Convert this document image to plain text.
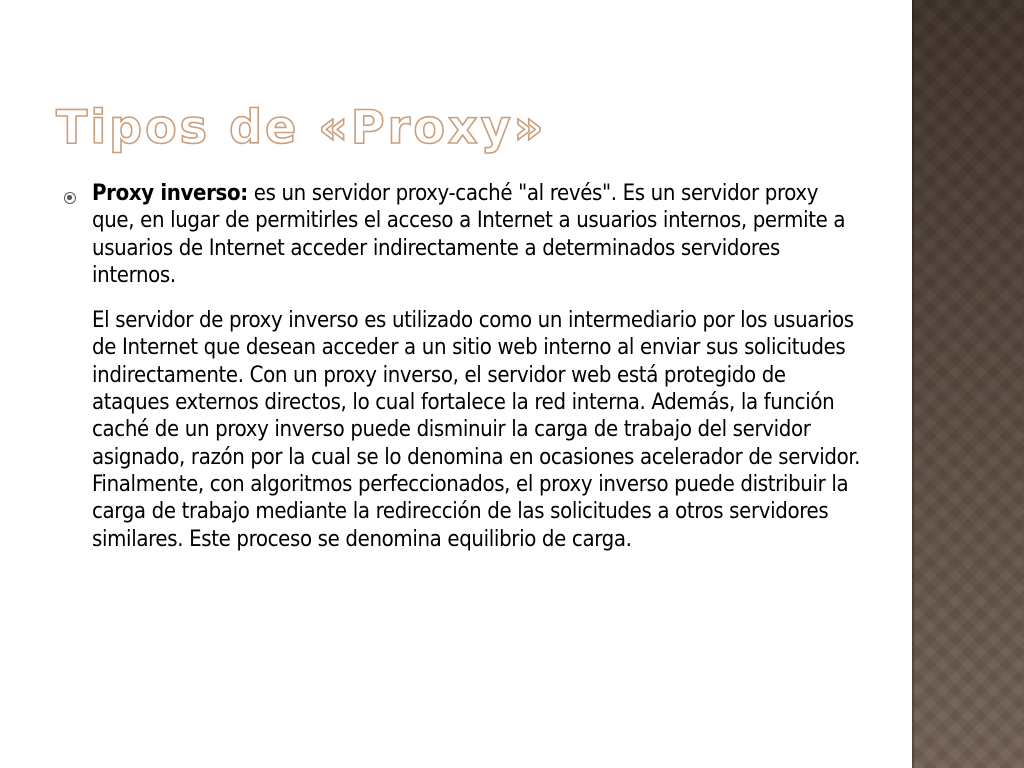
Tipos de «Proxy»

Proxy inverso: es un servidor proxy-caché "al revés". Es un servidor proxy que, en lugar de permitirles el acceso a Internet a usuarios internos, permite a usuarios de Internet acceder indirectamente a determinados servidores internos.

El servidor de proxy inverso es utilizado como un intermediario por los usuarios de Internet que desean acceder a un sitio web interno al enviar sus solicitudes indirectamente. Con un proxy inverso, el servidor web está protegido de ataques externos directos, lo cual fortalece la red interna. Además, la función caché de un proxy inverso puede disminuir la carga de trabajo del servidor asignado, razón por la cual se lo denomina en ocasiones acelerador de servidor. Finalmente, con algoritmos perfeccionados, el proxy inverso puede distribuir la carga de trabajo mediante la redirección de las solicitudes a otros servidores similares. Este proceso se denomina equilibrio de carga.
